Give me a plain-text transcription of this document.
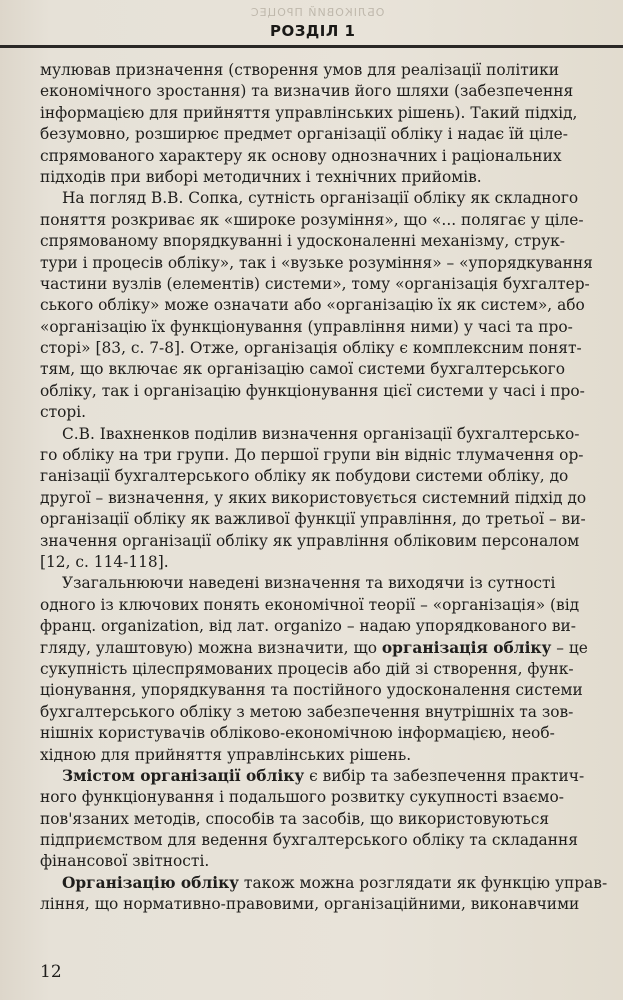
ОБЛІКОВИЙ ПРОЦЕС
РОЗДІЛ 1
мулював призначення (створення умов для реалізації політики
економічного зростання) та визначив його шляхи (забезпечення
інформацією для прийняття управлінських рішень). Такий підхід,
безумовно, розширює предмет організації обліку і надає їй ціле-
спрямованого характеру як основу однозначних і раціональних
підходів при виборі методичних і технічних прийомів.
На погляд В.В. Сопка, сутність організації обліку як складного
поняття розкриває як «широке розуміння», що «... полягає у ціле-
спрямованому впорядкуванні і удосконаленні механізму, струк-
тури і процесів обліку», так і «вузьке розуміння» – «упорядкування
частини вузлів (елементів) системи», тому «організація бухгалтер-
ського обліку» може означати або «організацію їх як систем», або
«організацію їх функціонування (управління ними) у часі та про-
сторі» [83, с. 7-8]. Отже, організація обліку є комплексним понят-
тям, що включає як організацію самої системи бухгалтерського
обліку, так і організацію функціонування цієї системи у часі і про-
сторі.
С.В. Івахненков поділив визначення організації бухгалтерсько-
го обліку на три групи. До першої групи він відніс тлумачення ор-
ганізації бухгалтерського обліку як побудови системи обліку, до
другої – визначення, у яких використовується системний підхід до
організації обліку як важливої функції управління, до третьої – ви-
значення організації обліку як управління обліковим персоналом
[12, с. 114-118].
Узагальнюючи наведені визначення та виходячи із сутності
одного із ключових понять економічної теорії – «організація» (від
франц. organization, від лат. organizo – надаю упорядкованого ви-
гляду, улаштовую) можна визначити, що організація обліку – це
сукупність цілеспрямованих процесів або дій зі створення, функ-
ціонування, упорядкування та постійного удосконалення системи
бухгалтерського обліку з метою забезпечення внутрішніх та зов-
нішніх користувачів обліково-економічною інформацією, необ-
хідною для прийняття управлінських рішень.
Змістом організації обліку є вибір та забезпечення практич-
ного функціонування і подальшого розвитку сукупності взаємо-
пов'язаних методів, способів та засобів, що використовуються
підприємством для ведення бухгалтерського обліку та складання
фінансової звітності.
Організацію обліку також можна розглядати як функцію управ-
ління, що нормативно-правовими, організаційними, виконавчими
12
